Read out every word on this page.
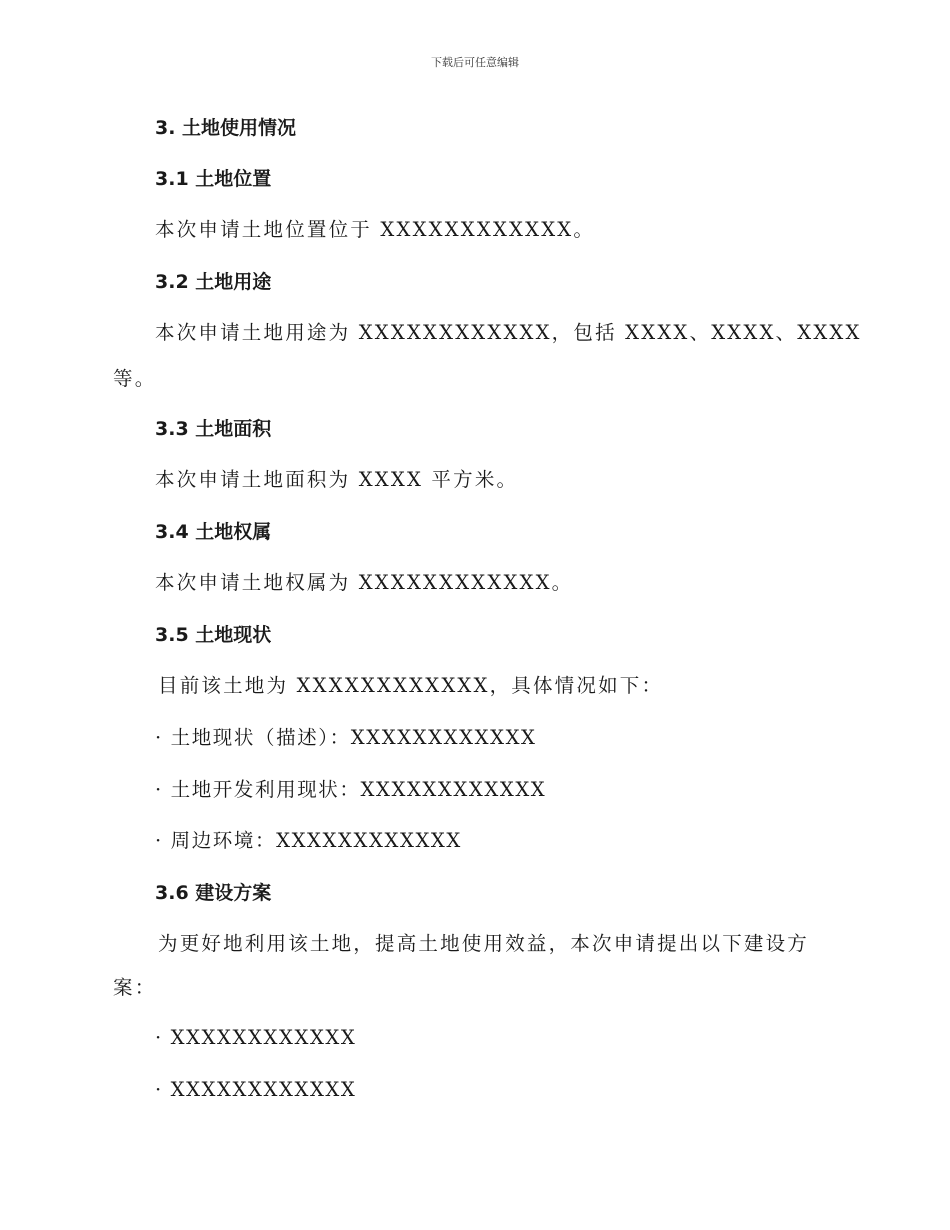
下载后可任意编辑
3. 土地使用情况
3.1 土地位置
本次申请土地位置位于 XXXXXXXXXXXX。
3.2 土地用途
本次申请土地用途为 XXXXXXXXXXXX，包括 XXXX、XXXX、XXXX
等。
3.3 土地面积
本次申请土地面积为 XXXX 平方米。
3.4 土地权属
本次申请土地权属为 XXXXXXXXXXXX。
3.5 土地现状
目前该土地为 XXXXXXXXXXXX，具体情况如下：
· 土地现状（描述）：XXXXXXXXXXXX
· 土地开发利用现状：XXXXXXXXXXXX
· 周边环境：XXXXXXXXXXXX
3.6 建设方案
为更好地利用该土地，提高土地使用效益，本次申请提出以下建设方
案：
· XXXXXXXXXXXX
· XXXXXXXXXXXX
